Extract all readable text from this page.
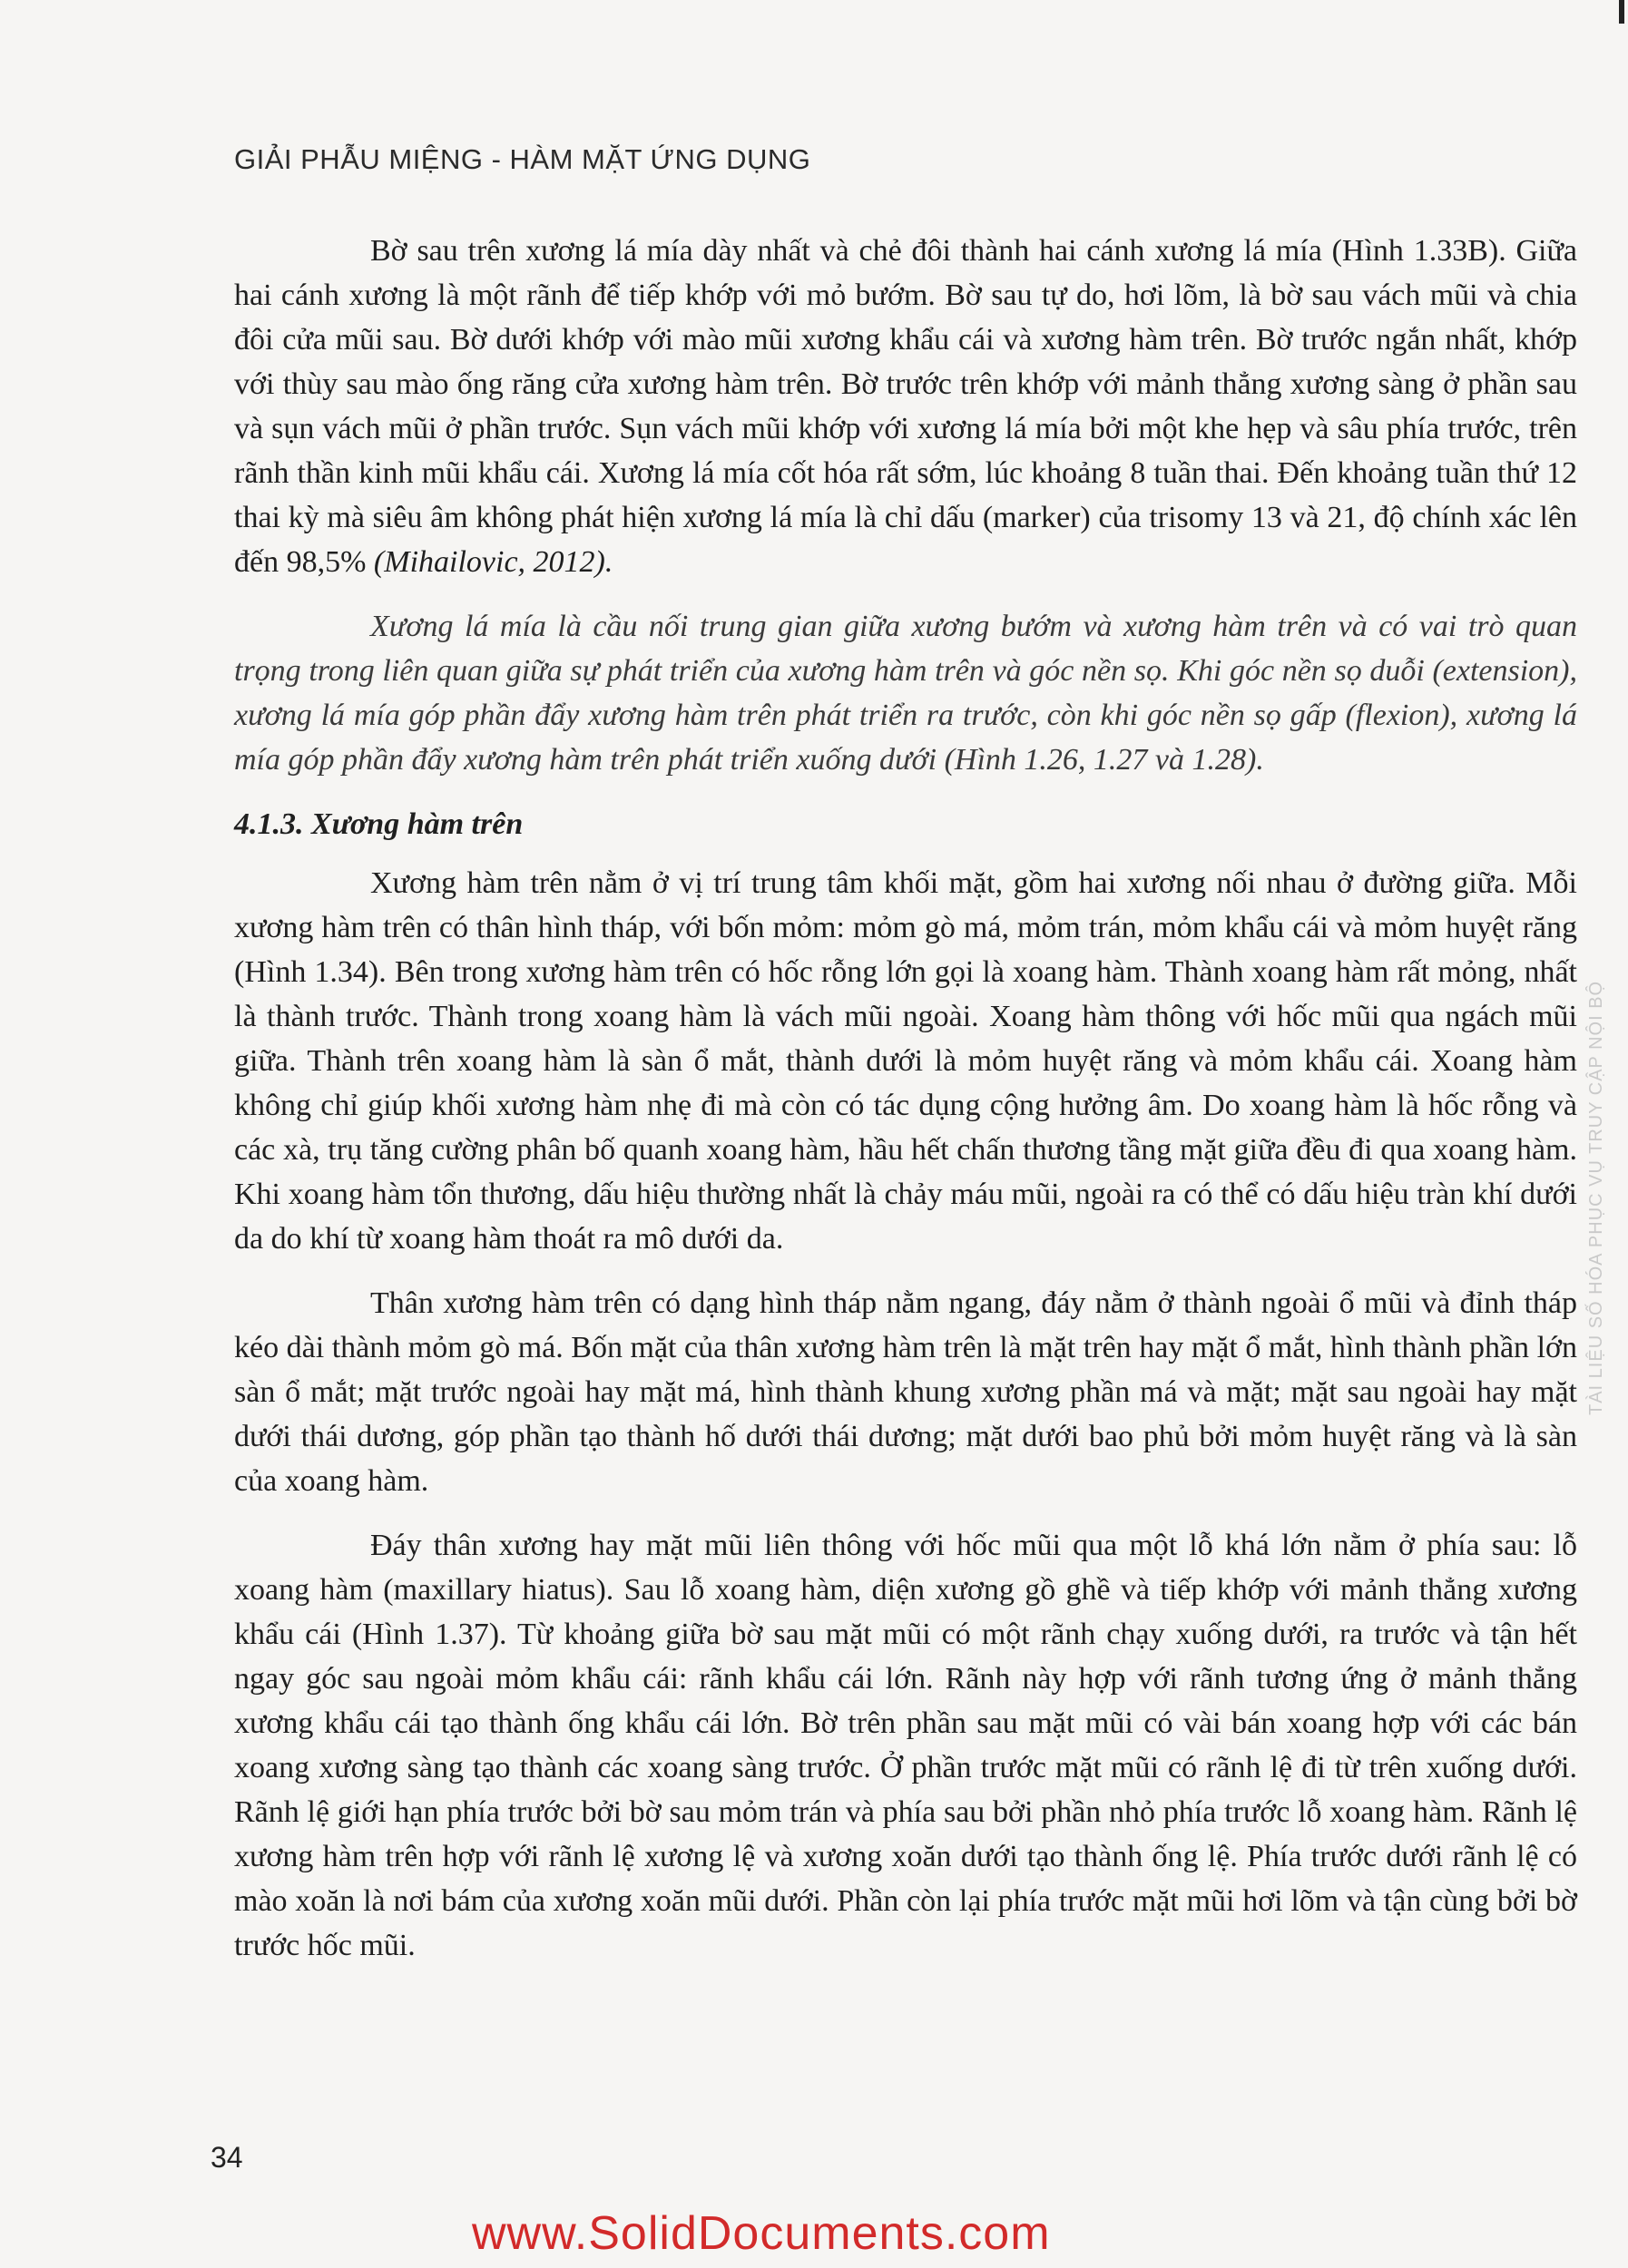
GIẢI PHẪU MIỆNG - HÀM MẶT ỨNG DỤNG

Bờ sau trên xương lá mía dày nhất và chẻ đôi thành hai cánh xương lá mía (Hình 1.33B). Giữa hai cánh xương là một rãnh để tiếp khớp với mỏ bướm. Bờ sau tự do, hơi lõm, là bờ sau vách mũi và chia đôi cửa mũi sau. Bờ dưới khớp với mào mũi xương khẩu cái và xương hàm trên. Bờ trước ngắn nhất, khớp với thùy sau mào ống răng cửa xương hàm trên. Bờ trước trên khớp với mảnh thẳng xương sàng ở phần sau và sụn vách mũi ở phần trước. Sụn vách mũi khớp với xương lá mía bởi một khe hẹp và sâu phía trước, trên rãnh thần kinh mũi khẩu cái. Xương lá mía cốt hóa rất sớm, lúc khoảng 8 tuần thai. Đến khoảng tuần thứ 12 thai kỳ mà siêu âm không phát hiện xương lá mía là chỉ dấu (marker) của trisomy 13 và 21, độ chính xác lên đến 98,5% (Mihailovic, 2012).

Xương lá mía là cầu nối trung gian giữa xương bướm và xương hàm trên và có vai trò quan trọng trong liên quan giữa sự phát triển của xương hàm trên và góc nền sọ. Khi góc nền sọ duỗi (extension), xương lá mía góp phần đẩy xương hàm trên phát triển ra trước, còn khi góc nền sọ gấp (flexion), xương lá mía góp phần đẩy xương hàm trên phát triển xuống dưới (Hình 1.26, 1.27 và 1.28).

4.1.3. Xương hàm trên

Xương hàm trên nằm ở vị trí trung tâm khối mặt, gồm hai xương nối nhau ở đường giữa. Mỗi xương hàm trên có thân hình tháp, với bốn mỏm: mỏm gò má, mỏm trán, mỏm khẩu cái và mỏm huyệt răng (Hình 1.34). Bên trong xương hàm trên có hốc rỗng lớn gọi là xoang hàm. Thành xoang hàm rất mỏng, nhất là thành trước. Thành trong xoang hàm là vách mũi ngoài. Xoang hàm thông với hốc mũi qua ngách mũi giữa. Thành trên xoang hàm là sàn ổ mắt, thành dưới là mỏm huyệt răng và mỏm khẩu cái. Xoang hàm không chỉ giúp khối xương hàm nhẹ đi mà còn có tác dụng cộng hưởng âm. Do xoang hàm là hốc rỗng và các xà, trụ tăng cường phân bố quanh xoang hàm, hầu hết chấn thương tầng mặt giữa đều đi qua xoang hàm. Khi xoang hàm tổn thương, dấu hiệu thường nhất là chảy máu mũi, ngoài ra có thể có dấu hiệu tràn khí dưới da do khí từ xoang hàm thoát ra mô dưới da.

Thân xương hàm trên có dạng hình tháp nằm ngang, đáy nằm ở thành ngoài ổ mũi và đỉnh tháp kéo dài thành mỏm gò má. Bốn mặt của thân xương hàm trên là mặt trên hay mặt ổ mắt, hình thành phần lớn sàn ổ mắt; mặt trước ngoài hay mặt má, hình thành khung xương phần má và mặt; mặt sau ngoài hay mặt dưới thái dương, góp phần tạo thành hố dưới thái dương; mặt dưới bao phủ bởi mỏm huyệt răng và là sàn của xoang hàm.

Đáy thân xương hay mặt mũi liên thông với hốc mũi qua một lỗ khá lớn nằm ở phía sau: lỗ xoang hàm (maxillary hiatus). Sau lỗ xoang hàm, diện xương gồ ghề và tiếp khớp với mảnh thẳng xương khẩu cái (Hình 1.37). Từ khoảng giữa bờ sau mặt mũi có một rãnh chạy xuống dưới, ra trước và tận hết ngay góc sau ngoài mỏm khẩu cái: rãnh khẩu cái lớn. Rãnh này hợp với rãnh tương ứng ở mảnh thẳng xương khẩu cái tạo thành ống khẩu cái lớn. Bờ trên phần sau mặt mũi có vài bán xoang hợp với các bán xoang xương sàng tạo thành các xoang sàng trước. Ở phần trước mặt mũi có rãnh lệ đi từ trên xuống dưới. Rãnh lệ giới hạn phía trước bởi bờ sau mỏm trán và phía sau bởi phần nhỏ phía trước lỗ xoang hàm. Rãnh lệ xương hàm trên hợp với rãnh lệ xương lệ và xương xoăn dưới tạo thành ống lệ. Phía trước dưới rãnh lệ có mào xoăn là nơi bám của xương xoăn mũi dưới. Phần còn lại phía trước mặt mũi hơi lõm và tận cùng bởi bờ trước hốc mũi.

TÀI LIỆU SỐ HÓA PHỤC VỤ TRUY CẬP NỘI BỘ
34
www.SolidDocuments.com
